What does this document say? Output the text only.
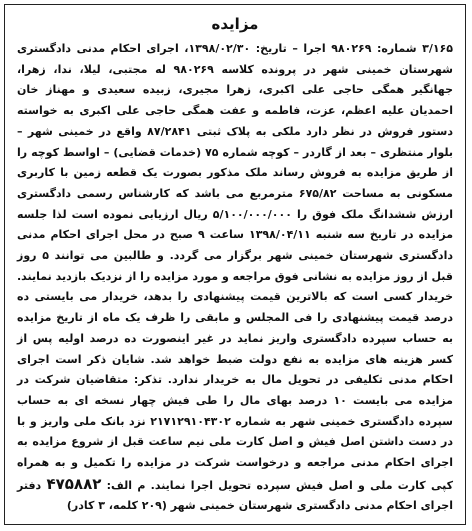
مزایده

۳/۱۶۵ شماره: ۹۸۰۲۶۹ اجرا – تاریخ: ۱۳۹۸/۰۲/۳۰، اجرای احکام مدنی دادگستری شهرستان خمینی شهر در پرونده کلاسه ۹۸۰۲۶۹ له مجتبی، لیلا، ندا، زهرا، جهانگیر همگی حاجی علی اکبری، زهرا مجیری، زبیده سعیدی و مهناز خان احمدیان علیه اعظم، عزت، فاطمه و عفت همگی حاجی علی اکبری به خواسته دستور فروش در نظر دارد ملکی به پلاک ثبتی ۸۷/۲۸۴۱ واقع در خمینی شهر – بلوار منتظری – بعد از گاردر – کوچه شماره ۷۵ (خدمات قضایی) – اواسط کوچه را از طریق مزایده به فروش رساند ملک مذکور بصورت یک قطعه زمین با کاربری مسکونی به مساحت ۶۷۵/۸۲ مترمربع می باشد که کارشناس رسمی دادگستری ارزش ششدانگ ملک فوق را ۵/۱۰۰/۰۰۰/۰۰۰ ریال ارزیابی نموده است لذا جلسه مزایده در تاریخ سه شنبه ۱۳۹۸/۰۴/۱۱ ساعت ۹ صبح در محل اجرای احکام مدنی دادگستری شهرستان خمینی شهر برگزار می گردد. و طالبین می توانند ۵ روز قبل از روز مزایده به نشانی فوق مراجعه و مورد مزایده را از نزدیک بازدید نمایند. خریدار کسی است که بالاترین قیمت پیشنهادی را بدهد، خریدار می بایستی ده درصد قیمت پیشنهادی را فی المجلس و مابقی را ظرف یک ماه از تاریخ مزایده به حساب سپرده دادگستری واریز نماید در غیر اینصورت ده درصد اولیه پس از کسر هزینه های مزایده به نفع دولت ضبط خواهد شد. شایان ذکر است اجرای احکام مدنی تکلیفی در تحویل مال به خریدار ندارد. تذکر: متقاضیان شرکت در مزایده می بایست ۱۰ درصد بهای مال را طی فیش چهار نسخه ای به حساب سپرده دادگستری خمینی شهر به شماره ۲۱۷۱۲۹۱۰۴۳۰۲ نزد بانک ملی واریز و با در دست داشتن اصل فیش و اصل کارت ملی نیم ساعت قبل از شروع مزایده به اجرای احکام مدنی مراجعه و درخواست شرکت در مزایده را تکمیل و به همراه کپی کارت ملی و اصل فیش سپرده تحویل اجرا نمایند. م الف: ۴۷۵۸۸۲ دفتر اجرای احکام مدنی دادگستری شهرستان خمینی شهر (۲۰۹ کلمه، ۳ کادر)
